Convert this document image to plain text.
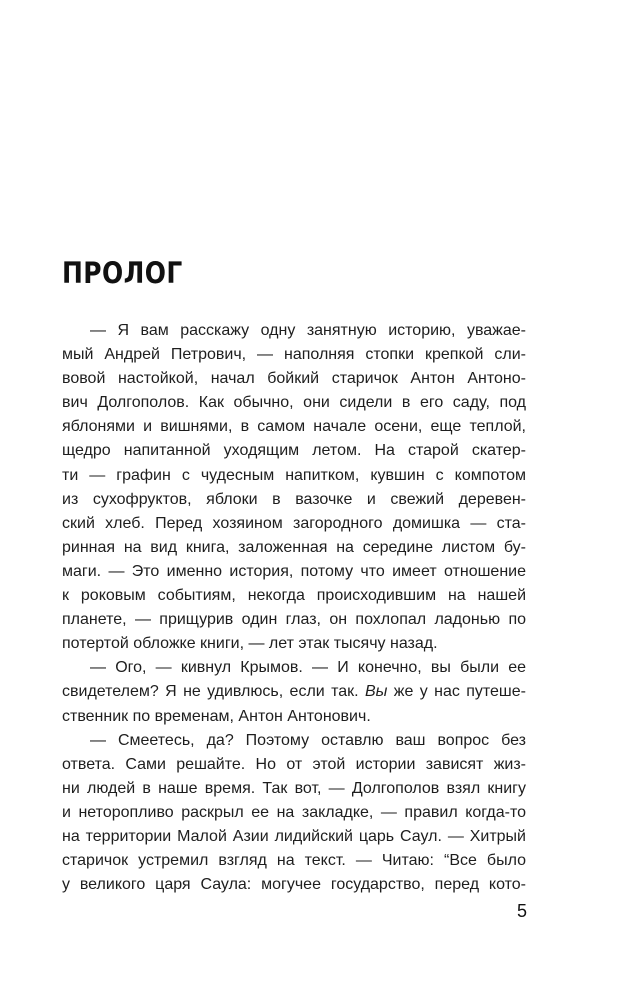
ПРОЛОГ
— Я вам расскажу одну занятную историю, уважае-
мый Андрей Петрович, — наполняя стопки крепкой сли-
вовой настойкой, начал бойкий старичок Антон Антоно-
вич Долгополов. Как обычно, они сидели в его саду, под
яблонями и вишнями, в самом начале осени, еще теплой,
щедро напитанной уходящим летом. На старой скатер-
ти — графин с чудесным напитком, кувшин с компотом
из сухофруктов, яблоки в вазочке и свежий деревен-
ский хлеб. Перед хозяином загородного домишка — ста-
ринная на вид книга, заложенная на середине листом бу-
маги. — Это именно история, потому что имеет отношение
к роковым событиям, некогда происходившим на нашей
планете, — прищурив один глаз, он похлопал ладонью по
потертой обложке книги, — лет этак тысячу назад.
— Ого, — кивнул Крымов. — И конечно, вы были ее
свидетелем? Я не удивлюсь, если так. Вы же у нас путеше-
ственник по временам, Антон Антонович.
— Смеетесь, да? Поэтому оставлю ваш вопрос без
ответа. Сами решайте. Но от этой истории зависят жиз-
ни людей в наше время. Так вот, — Долгополов взял книгу
и неторопливо раскрыл ее на закладке, — правил когда-то
на территории Малой Азии лидийский царь Саул. — Хитрый
старичок устремил взгляд на текст. — Читаю: “Все было
у великого царя Саула: могучее государство, перед кото-
5
